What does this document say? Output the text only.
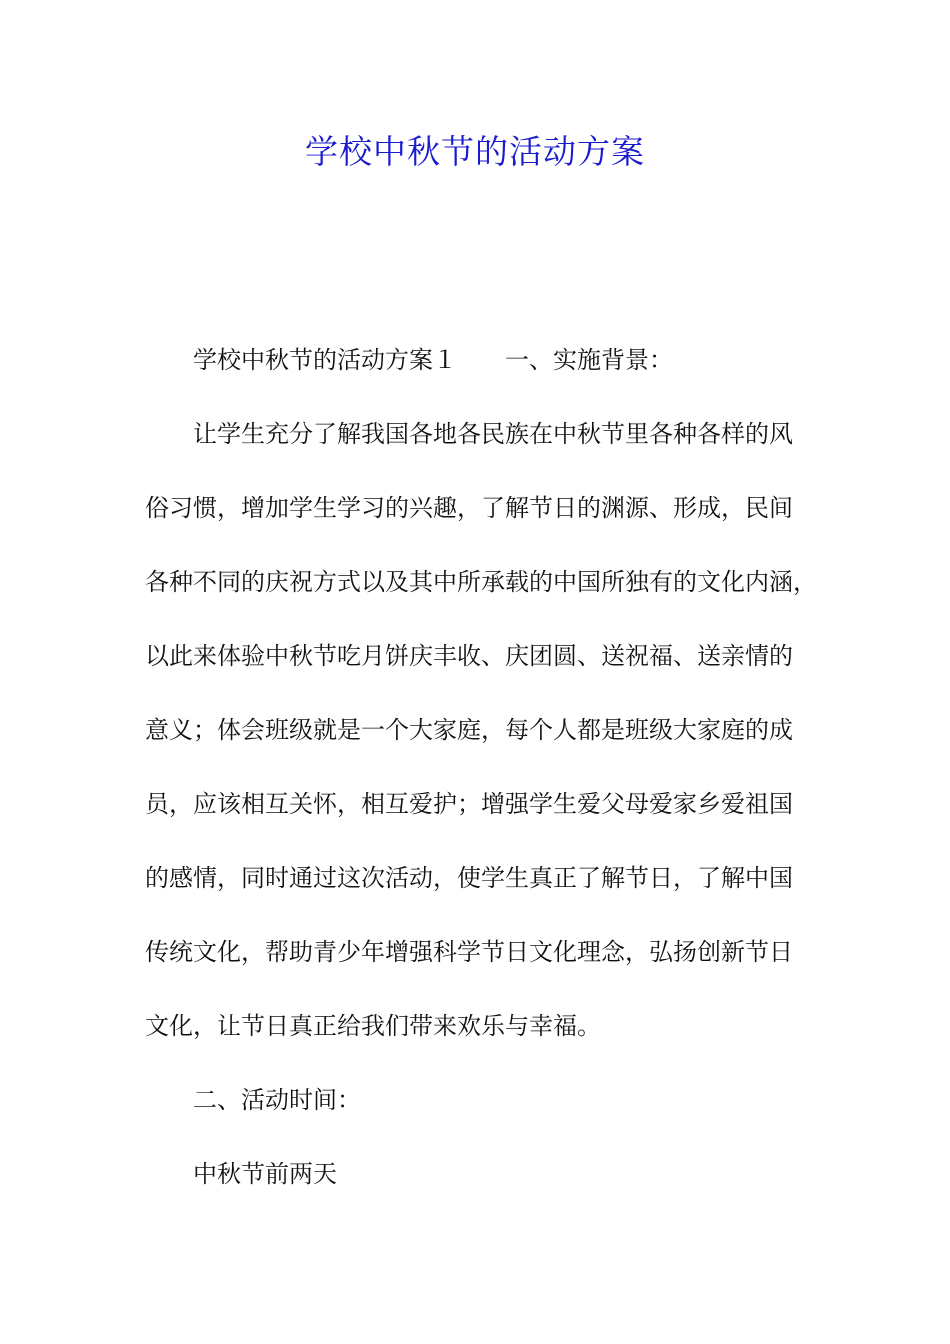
学校中秋节的活动方案
学校中秋节的活动方案１ 一、实施背景：
让学生充分了解我国各地各民族在中秋节里各种各样的风
俗习惯，增加学生学习的兴趣，了解节日的渊源、形成，民间
各种不同的庆祝方式以及其中所承载的中国所独有的文化内涵，
以此来体验中秋节吃月饼庆丰收、庆团圆、送祝福、送亲情的
意义；体会班级就是一个大家庭，每个人都是班级大家庭的成
员，应该相互关怀，相互爱护；增强学生爱父母爱家乡爱祖国
的感情，同时通过这次活动，使学生真正了解节日，了解中国
传统文化，帮助青少年增强科学节日文化理念，弘扬创新节日
文化，让节日真正给我们带来欢乐与幸福。
二、活动时间：
中秋节前两天
